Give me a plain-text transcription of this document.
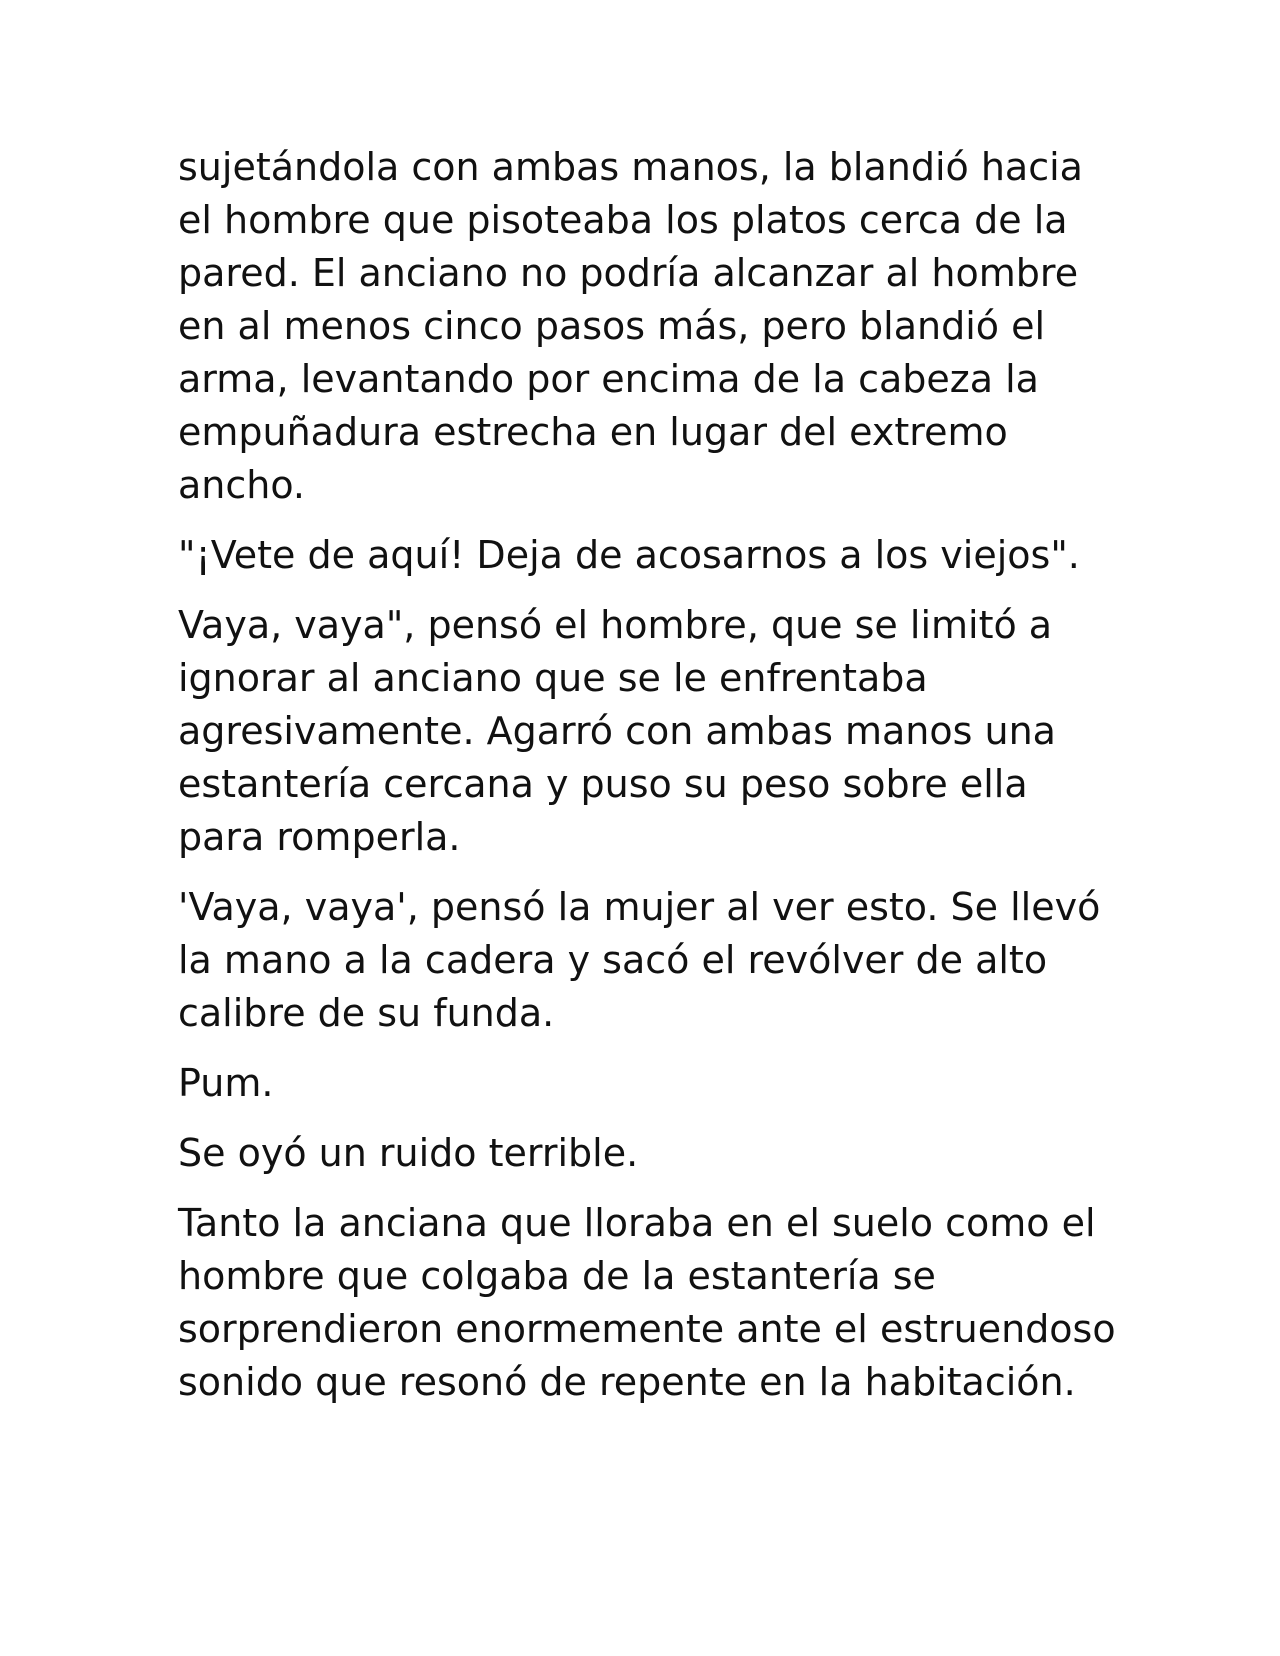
sujetándola con ambas manos, la blandió hacia el hombre que pisoteaba los platos cerca de la pared. El anciano no podría alcanzar al hombre en al menos cinco pasos más, pero blandió el arma, levantando por encima de la cabeza la empuñadura estrecha en lugar del extremo ancho.

"¡Vete de aquí! Deja de acosarnos a los viejos".

Vaya, vaya", pensó el hombre, que se limitó a ignorar al anciano que se le enfrentaba agresivamente. Agarró con ambas manos una estantería cercana y puso su peso sobre ella para romperla.

'Vaya, vaya', pensó la mujer al ver esto. Se llevó la mano a la cadera y sacó el revólver de alto calibre de su funda.

Pum.

Se oyó un ruido terrible.

Tanto la anciana que lloraba en el suelo como el hombre que colgaba de la estantería se sorprendieron enormemente ante el estruendoso sonido que resonó de repente en la habitación.
